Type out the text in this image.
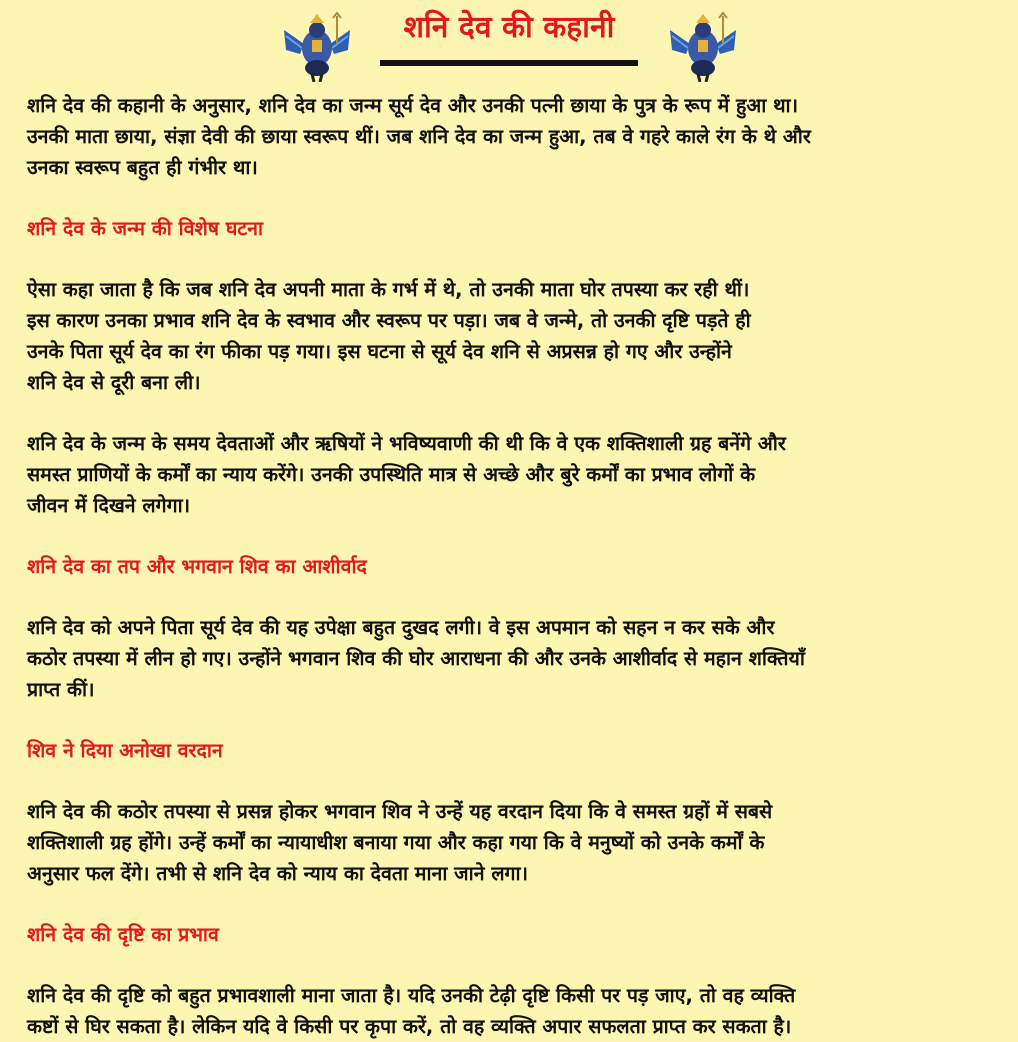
शनि देव की कहानी

शनि देव की कहानी के अनुसार, शनि देव का जन्म सूर्य देव और उनकी पत्नी छाया के पुत्र के रूप में हुआ था।
उनकी माता छाया, संज्ञा देवी की छाया स्वरूप थीं। जब शनि देव का जन्म हुआ, तब वे गहरे काले रंग के थे और
उनका स्वरूप बहुत ही गंभीर था।

शनि देव के जन्म की विशेष घटना

ऐसा कहा जाता है कि जब शनि देव अपनी माता के गर्भ में थे, तो उनकी माता घोर तपस्या कर रही थीं।
इस कारण उनका प्रभाव शनि देव के स्वभाव और स्वरूप पर पड़ा। जब वे जन्मे, तो उनकी दृष्टि पड़ते ही
उनके पिता सूर्य देव का रंग फीका पड़ गया। इस घटना से सूर्य देव शनि से अप्रसन्न हो गए और उन्होंने
शनि देव से दूरी बना ली।

शनि देव के जन्म के समय देवताओं और ऋषियों ने भविष्यवाणी की थी कि वे एक शक्तिशाली ग्रह बनेंगे और
समस्त प्राणियों के कर्मों का न्याय करेंगे। उनकी उपस्थिति मात्र से अच्छे और बुरे कर्मों का प्रभाव लोगों के
जीवन में दिखने लगेगा।

शनि देव का तप और भगवान शिव का आशीर्वाद

शनि देव को अपने पिता सूर्य देव की यह उपेक्षा बहुत दुखद लगी। वे इस अपमान को सहन न कर सके और
कठोर तपस्या में लीन हो गए। उन्होंने भगवान शिव की घोर आराधना की और उनके आशीर्वाद से महान शक्तियाँ
प्राप्त कीं।

शिव ने दिया अनोखा वरदान

शनि देव की कठोर तपस्या से प्रसन्न होकर भगवान शिव ने उन्हें यह वरदान दिया कि वे समस्त ग्रहों में सबसे
शक्तिशाली ग्रह होंगे। उन्हें कर्मों का न्यायाधीश बनाया गया और कहा गया कि वे मनुष्यों को उनके कर्मों के
अनुसार फल देंगे। तभी से शनि देव को न्याय का देवता माना जाने लगा।

शनि देव की दृष्टि का प्रभाव

शनि देव की दृष्टि को बहुत प्रभावशाली माना जाता है। यदि उनकी टेढ़ी दृष्टि किसी पर पड़ जाए, तो वह व्यक्ति
कष्टों से घिर सकता है। लेकिन यदि वे किसी पर कृपा करें, तो वह व्यक्ति अपार सफलता प्राप्त कर सकता है।
